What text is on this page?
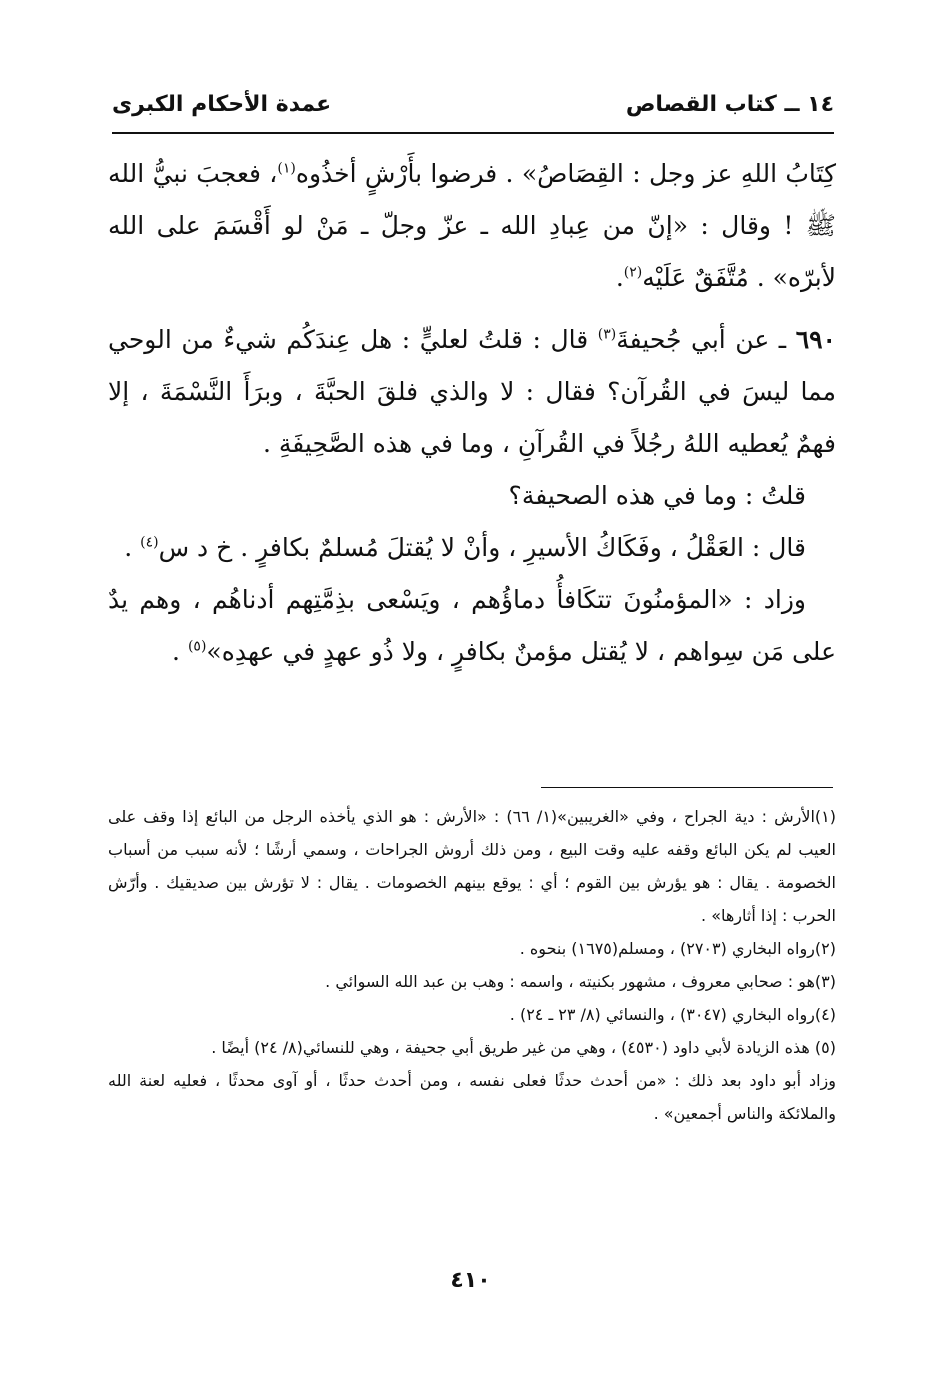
١٤ ــ كتاب القصاص
عمدة الأحكام الكبرى

كِتَابُ اللهِ عز وجل : القِصَاصُ» . فرضوا بأَرْشٍ أخذُوه$^{(١)}$، فعجبَ نبيُّ الله ﷺ ! وقال : «إنّ من عِبادِ الله ـ عزّ وجلّ ـ مَنْ لو أَقْسَمَ على الله لأبرّه» . مُتَّفَقٌ عَلَيْه$^{(٢)}$.

٦٩٠ ـ عن أبي جُحيفةَ$^{(٣)}$ قال : قلتُ لعليٍّ : هل عِندَكُم شيءٌ من الوحي مما ليسَ في القُرآن؟ فقال : لا والذي فلقَ الحبَّةَ ، وبرَأَ النَّسْمَةَ ، إلا فهمٌ يُعطيه اللهُ رجُلاً في القُرآنِ ، وما في هذه الصَّحِيفَةِ .

قلتُ : وما في هذه الصحيفة؟

قال : العَقْلُ ، وفَكَاكُ الأسيرِ ، وأنْ لا يُقتلَ مُسلمٌ بكافرٍ . خ د س$^{(٤)}$ .

وزاد : «المؤمنُونَ تتكَافأُ دماؤُهم ، ويَسْعى بذِمَّتِهم أدناهُم ، وهم يدٌ على مَن سِواهم ، لا يُقتل مؤمنٌ بكافرٍ ، ولا ذُو عهدٍ في عهدِه»$^{(٥)}$ .

(١)الأرش : دية الجراح ، وفي «الغريبين»(١/ ٦٦) : «الأرش : هو الذي يأخذه الرجل من البائع إذا وقف على العيب لم يكن البائع وقفه عليه وقت البيع ، ومن ذلك أروش الجراحات ، وسمي أرشًا ؛ لأنه سبب من أسباب الخصومة . يقال : هو يؤرش بين القوم ؛ أي : يوقع بينهم الخصومات . يقال : لا تؤرش بين صديقيك . وأرّش الحرب : إذا أثارها» .

(٢)رواه البخاري (٢٧٠٣) ، ومسلم(١٦٧٥) بنحوه .

(٣)هو : صحابي معروف ، مشهور بكنيته ، واسمه : وهب بن عبد الله السوائي .

(٤)رواه البخاري (٣٠٤٧) ، والنسائي (٨/ ٢٣ ـ ٢٤) .

(٥) هذه الزيادة لأبي داود (٤٥٣٠) ، وهي من غير طريق أبي جحيفة ، وهي للنسائي(٨/ ٢٤) أيضًا .

وزاد أبو داود بعد ذلك : «من أحدث حدثًا فعلى نفسه ، ومن أحدث حدثًا ، أو آوى محدثًا ، فعليه لعنة الله والملائكة والناس أجمعين» .

٤١٠
